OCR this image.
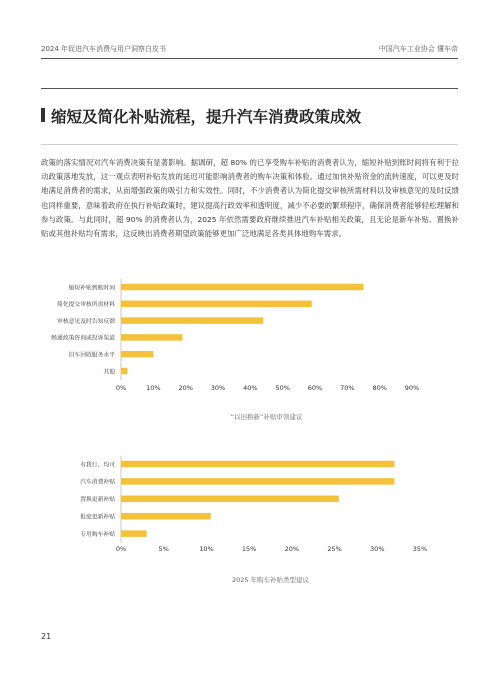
2024 年促进汽车消费与用户洞察白皮书	中国汽车工业协会 懂车帝
缩短及简化补贴流程，提升汽车消费政策成效
政策的落实情况对汽车消费决策有显著影响。据调研，超 80% 的已享受购车补贴的消费者认为，缩短补贴到账时间将有利于拉动政策落地发放，这一观点表明补贴发放的延迟可能影响消费者的购车决策和体验。通过加快补贴资金的流转速度，可以更及时地满足消费者的需求，从而增强政策的吸引力和实效性。同时，不少消费者认为简化提交审核所需材料以及审核意见的及时反馈也同样重要，意味着政府在执行补贴政策时，建议提高行政效率和透明度，减少不必要的繁琐程序，确保消费者能够轻松理解和参与政策。与此同时，超 90% 的消费者认为，2025 年依然需要政府继续推进汽车补贴相关政策，且无论是新车补贴、置换补贴或其他补贴均有需求，这反映出消费者期望政策能够更加广泛地满足各类具体地购车需求。
缩短补贴到账时间
简化提交审核所需材料
审核意见及时告知反馈
畅通政策咨询或投诉渠道
旧车回收服务水平
其他
0%	10%	20%	30%	40%	50%	60%	70%	80%	90%
有我行、均可
汽车消费补贴
置换更新补贴
报废更新补贴
专用购车补贴
0%	5%	10%	15%	20%	25%	30%	35%
“以旧换新”补贴审领建议
2025 年购车补贴类型建议
21
